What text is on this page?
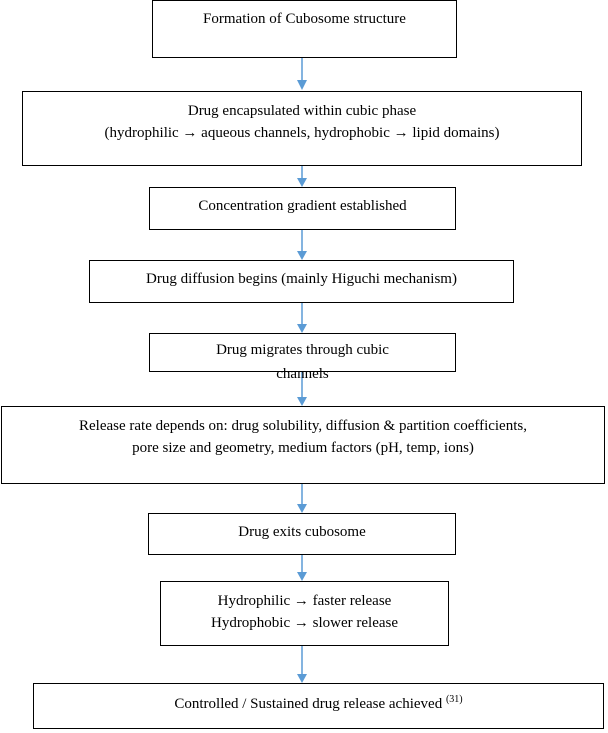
Formation of Cubosome structure
Drug encapsulated within cubic phase
(hydrophilic → aqueous channels, hydrophobic → lipid domains)
Concentration gradient established
Drug diffusion begins (mainly Higuchi mechanism)
Drug migrates through cubic
channels
Release rate depends on: drug solubility, diffusion & partition coefficients,
pore size and geometry, medium factors (pH, temp, ions)
Drug exits cubosome
Hydrophilic → faster release
Hydrophobic → slower release
Controlled / Sustained drug release achieved $^{(31)}$
